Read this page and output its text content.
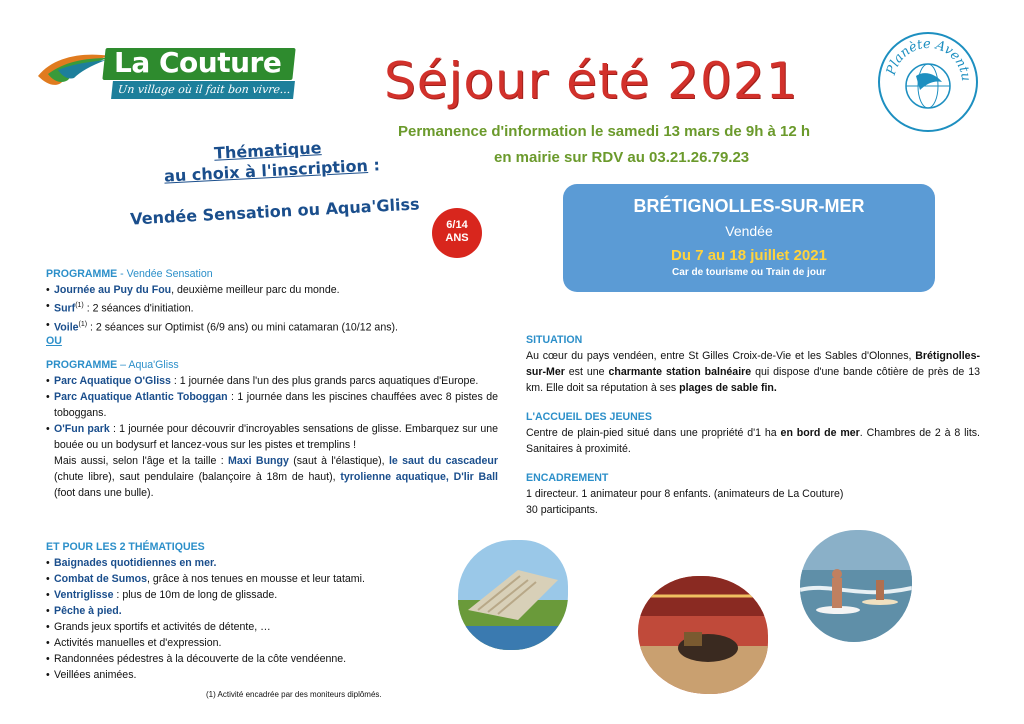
La Couture
Un village où il fait bon vivre... Séjour été 2021
Permanence d'information le samedi 13 mars de 9h à 12 h
en mairie sur RDV au 03.21.26.79.23
Planète Aventu
Thématique
au choix à l'inscription :
Vendée Sensation ou Aqua'Gliss	6/14
ANS
BRÉTIGNOLLES-SUR-MER
Vendée
Du 7 au 18 juillet 2021
Car de tourisme ou Train de jour
PROGRAMME - Vendée Sensation
• Journée au Puy du Fou, deuxième meilleur parc du monde.
• Surf$^{(1)}$ : 2 séances d'initiation.
• Voile$^{(1)}$ : 2 séances sur Optimist (6/9 ans) ou mini catamaran (10/12 ans).
OU
PROGRAMME – Aqua'Gliss
• Parc Aquatique O'Gliss : 1 journée dans l'un des plus grands parcs aquatiques d'Europe.
• Parc Aquatique Atlantic Toboggan : 1 journée dans les piscines chauffées avec 8 pistes de toboggans.
• O'Fun park : 1 journée pour découvrir d'incroyables sensations de glisse. Embarquez sur une bouée ou un bodysurf et lancez-vous sur les pistes et tremplins !
Mais aussi, selon l'âge et la taille : Maxi Bungy (saut à l'élastique), le saut du cascadeur (chute libre), saut pendulaire (balançoire à 18m de haut), tyrolienne aquatique, D'lir Ball (foot dans une bulle).
ET POUR LES 2 THÉMATIQUES
• Baignades quotidiennes en mer.
• Combat de Sumos, grâce à nos tenues en mousse et leur tatami.
• Ventriglisse : plus de 10m de long de glissade.
• Pêche à pied.
• Grands jeux sportifs et activités de détente, …
• Activités manuelles et d'expression.
• Randonnées pédestres à la découverte de la côte vendéenne.
• Veillées animées.
(1) Activité encadrée par des moniteurs diplômés.
SITUATION
Au cœur du pays vendéen, entre St Gilles Croix-de-Vie et les Sables d'Olonnes, Brétignolles-sur-Mer est une charmante station balnéaire qui dispose d'une bande côtière de près de 13 km. Elle doit sa réputation à ses plages de sable fin.
L'ACCUEIL DES JEUNES
Centre de plain-pied situé dans une propriété d'1 ha en bord de mer. Chambres de 2 à 8 lits. Sanitaires à proximité.
ENCADREMENT
1 directeur. 1 animateur pour 8 enfants. (animateurs de La Couture)
30 participants.
